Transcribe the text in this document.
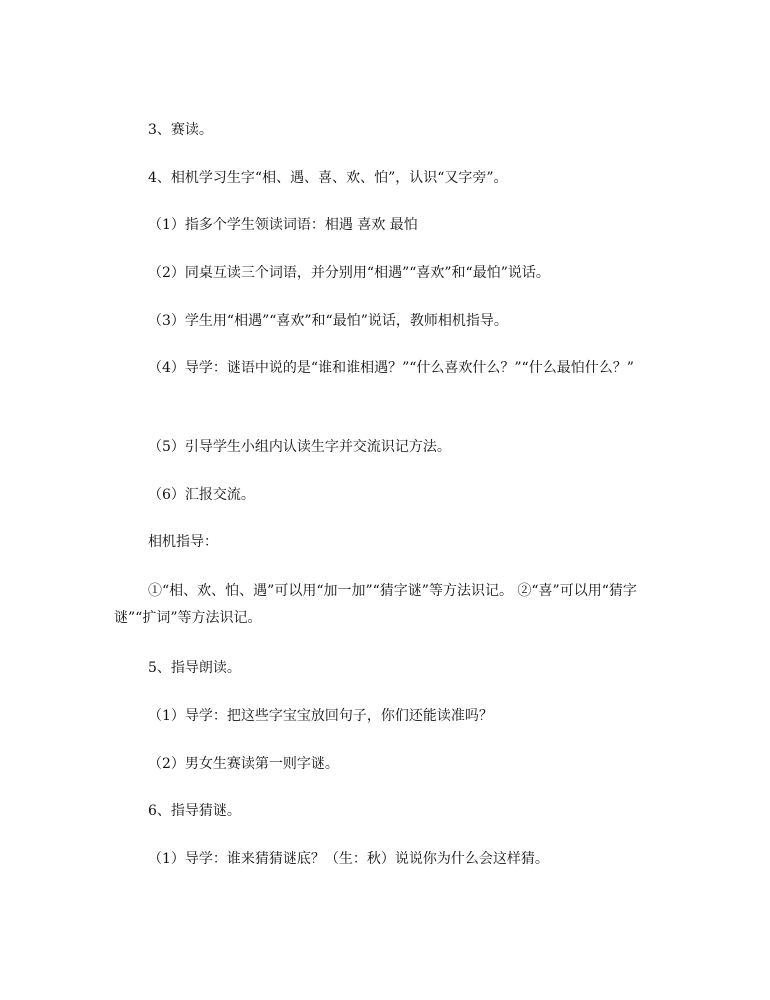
3、赛读。

4、相机学习生字“相、遇、喜、欢、怕”，认识“又字旁”。

（1）指多个学生领读词语：相遇 喜欢 最怕

（2）同桌互读三个词语，并分别用“相遇”“喜欢”和“最怕”说话。

（3）学生用“相遇”“喜欢”和“最怕”说话，教师相机指导。

（4）导学：谜语中说的是“谁和谁相遇？”“什么喜欢什么？”“什么最怕什么？”

（5）引导学生小组内认读生字并交流识记方法。

（6）汇报交流。

相机指导：

①“相、欢、怕、遇”可以用“加一加”“猜字谜”等方法识记。 ②“喜”可以用“猜字谜”“扩词”等方法识记。

5、指导朗读。

（1）导学：把这些字宝宝放回句子，你们还能读准吗？

（2）男女生赛读第一则字谜。

6、指导猜谜。

（1）导学：谁来猜猜谜底？（生：秋）说说你为什么会这样猜。
